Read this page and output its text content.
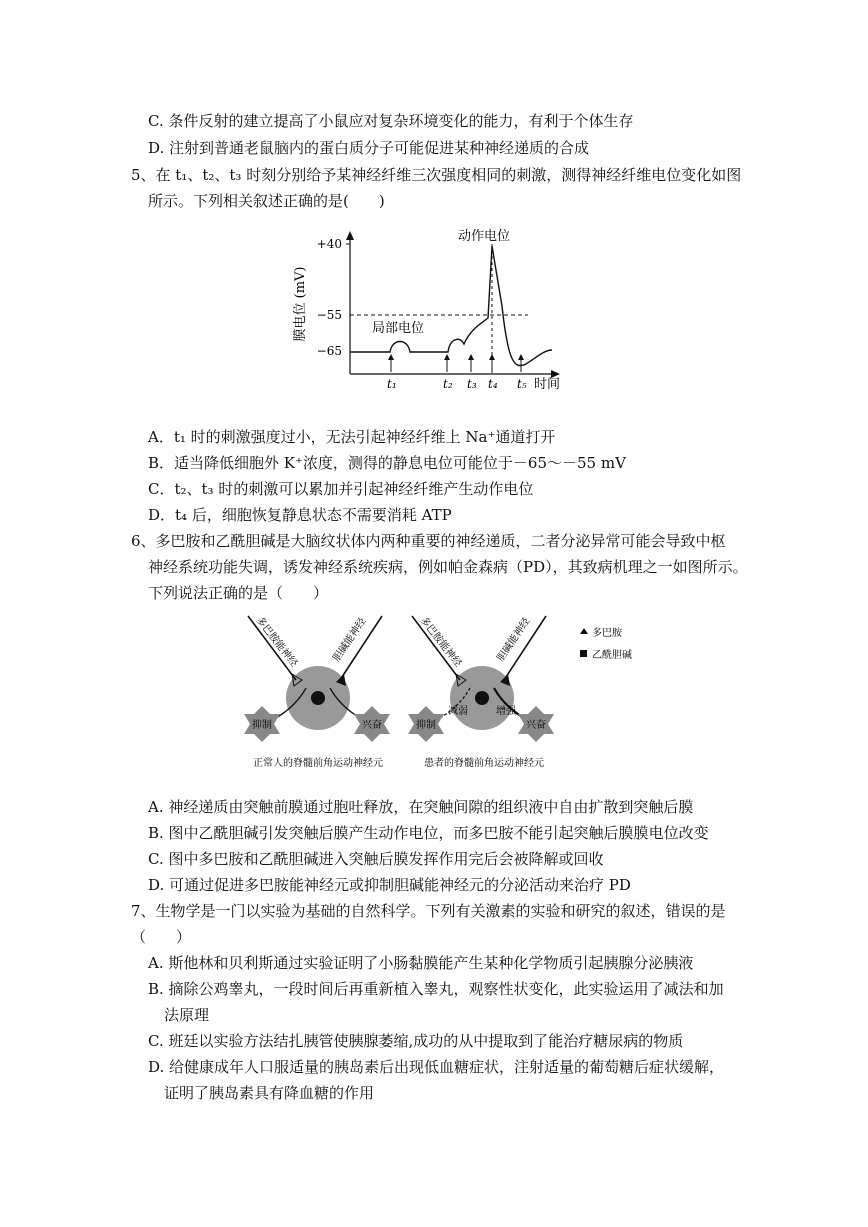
C. 条件反射的建立提高了小鼠应对复杂环境变化的能力，有利于个体生存
D. 注射到普通老鼠脑内的蛋白质分子可能促进某种神经递质的合成
5、在 t₁、t₂、t₃ 时刻分别给予某神经纤维三次强度相同的刺激，测得神经纤维电位变化如图
所示。下列相关叙述正确的是(　　)
+40
−55
−65
膜电位 (mV)
动作电位
局部电位
t₁	t₂ t₃ t₄ t₅ 时间
A．t₁ 时的刺激强度过小，无法引起神经纤维上 Na⁺通道打开
B．适当降低细胞外 K⁺浓度，测得的静息电位可能位于－65～－55 mV
C．t₂、t₃ 时的刺激可以累加并引起神经纤维产生动作电位
D．t₄ 后，细胞恢复静息状态不需要消耗 ATP
6、多巴胺和乙酰胆碱是大脑纹状体内两种重要的神经递质，二者分泌异常可能会导致中枢
神经系统功能失调，诱发神经系统疾病，例如帕金森病（PD），其致病机理之一如图所示。
下列说法正确的是（　　）
抑制	兴奋
多巴胺能神经	胆碱能神经
正常人的脊髓前角运动神经元
抑制	兴奋
减弱	增强
多巴胺能神经	胆碱能神经
患者的脊髓前角运动神经元
多巴胺
乙酰胆碱
A. 神经递质由突触前膜通过胞吐释放，在突触间隙的组织液中自由扩散到突触后膜
B. 图中乙酰胆碱引发突触后膜产生动作电位，而多巴胺不能引起突触后膜膜电位改变
C. 图中多巴胺和乙酰胆碱进入突触后膜发挥作用完后会被降解或回收
D. 可通过促进多巴胺能神经元或抑制胆碱能神经元的分泌活动来治疗 PD
7、生物学是一门以实验为基础的自然科学。下列有关激素的实验和研究的叙述，错误的是
（　　）
A. 斯他林和贝利斯通过实验证明了小肠黏膜能产生某种化学物质引起胰腺分泌胰液
B. 摘除公鸡睾丸，一段时间后再重新植入睾丸，观察性状变化，此实验运用了减法和加
法原理
C. 班廷以实验方法结扎胰管使胰腺萎缩,成功的从中提取到了能治疗糖尿病的物质
D. 给健康成年人口服适量的胰岛素后出现低血糖症状，注射适量的葡萄糖后症状缓解，
证明了胰岛素具有降血糖的作用
